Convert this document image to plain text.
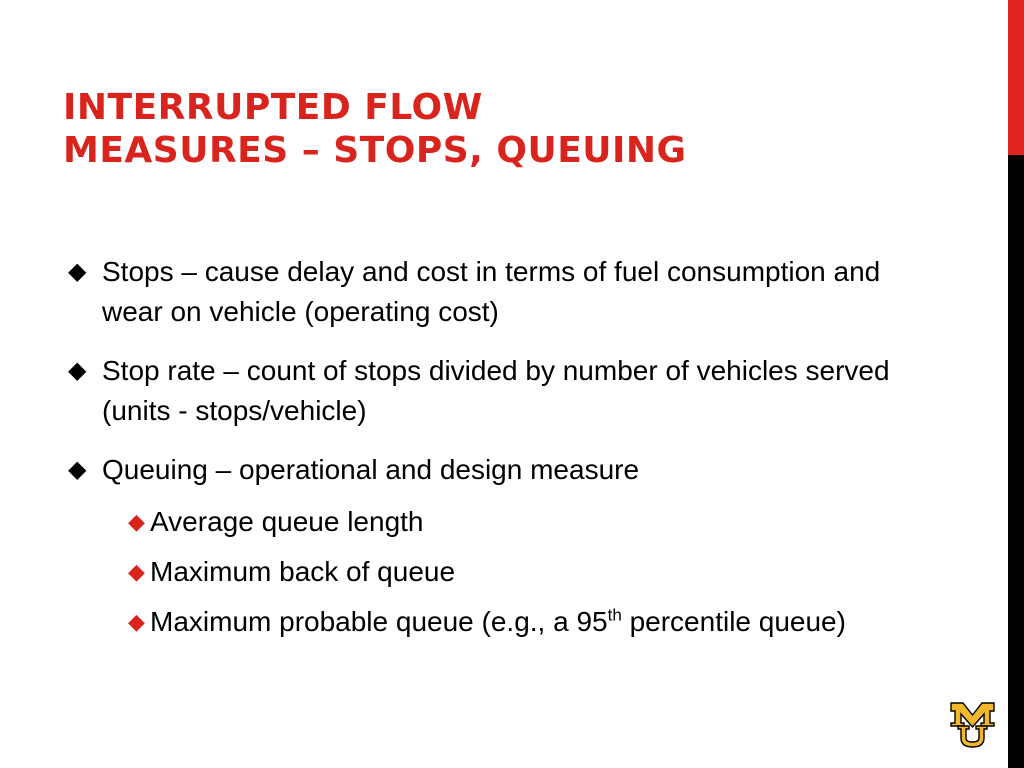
INTERRUPTED FLOW
MEASURES – STOPS, QUEUING
◆ Stops – cause delay and cost in terms of fuel consumption and wear on vehicle (operating cost)
◆ Stop rate – count of stops divided by number of vehicles served (units - stops/vehicle)
◆ Queuing – operational and design measure
◆ Average queue length
◆ Maximum back of queue
◆ Maximum probable queue (e.g., a 95th percentile queue)
